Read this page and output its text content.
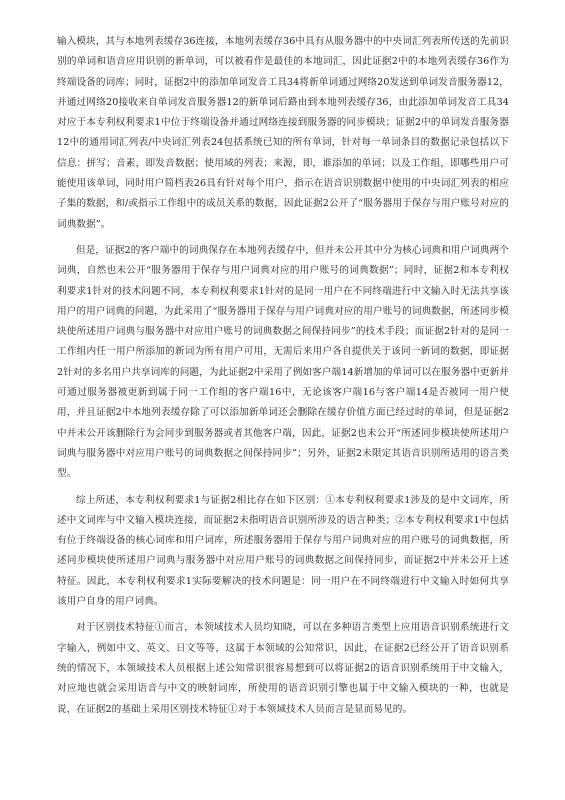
输入模块，其与本地列表缓存36连接，本地列表缓存36中具有从服务器中的中央词汇列表所传送的先前识别的单词和语音应用识别的新单词，可以被看作是最佳的本地词汇，因此证据2中的本地列表缓存36作为终端设备的词库；同时，证据2中的添加单词发音工具34将新单词通过网络20发送到单词发音服务器12，并通过网络20接收来自单词发音服务器12的新单词后路由到本地列表缓存36，由此添加单词发音工具34对应于本专利权利要求1中位于终端设备并通过网络连接到服务器的同步模块；证据2中的单词发音服务器12中的通用词汇列表/中央词汇列表24包括系统已知的所有单词，针对每一单词条目的数据记录包括以下信息：拼写；音素，即发音数据；使用域的列表；来源，即，谁添加的单词；以及工作组，即哪些用户可能使用该单词，同时用户简档表26具有针对每个用户，指示在语音识别数据中使用的中央词汇列表的相应子集的数据，和/或指示工作组中的成员关系的数据，因此证据2公开了“服务器用于保存与用户账号对应的词典数据”。

但是，证据2的客户端中的词典保存在本地列表缓存中，但并未公开其中分为核心词典和用户词典两个词典，自然也未公开“服务器用于保存与用户词典对应的用户账号的词典数据”；同时，证据2和本专利权利要求1针对的技术问题不同，本专利权利要求1针对的是同一用户在不同终端进行中文输入时无法共享该用户的用户词典的问题，为此采用了“服务器用于保存与用户词典对应的用户账号的词典数据，所述同步模块使所述用户词典与服务器中对应用户账号的词典数据之间保持同步”的技术手段；而证据2针对的是同一工作组内任一用户所添加的新词为所有用户可用，无需后来用户各自提供关于该同一新词的数据，即证据2针对的多名用户共享词库的问题，为此证据2中采用了例如客户端14新增加的单词可以在服务器中更新并可通过服务器被更新到属于同一工作组的客户端16中，无论该客户端16与客户端14是否被同一用户使用，并且证据2中本地列表缓存除了可以添加新单词还会删除在缓存价值方面已经过时的单词，但是证据2中并未公开该删除行为会同步到服务器或者其他客户端，因此，证据2也未公开“所述同步模块使所述用户词典与服务器中对应用户账号的词典数据之间保持同步”；另外，证据2未限定其语音识别所适用的语言类型。

综上所述，本专利权利要求1与证据2相比存在如下区别：①本专利权利要求1涉及的是中文词库，所述中文词库与中文输入模块连接，而证据2未指明语音识别所涉及的语言种类；②本专利权利要求1中包括有位于终端设备的核心词库和用户词库，所述服务器用于保存与用户词典对应的用户账号的词典数据，所述同步模块使所述用户词典与服务器中对应用户账号的词典数据之间保持同步，而证据2中并未公开上述特征。因此，本专利权利要求1实际要解决的技术问题是：同一用户在不同终端进行中文输入时如何共享该用户自身的用户词典。

对于区别技术特征①而言，本领域技术人员均知晓，可以在多种语言类型上应用语音识别系统进行文字输入，例如中文、英文、日文等等，这属于本领域的公知常识，因此，在证据2已经公开了语音识别系统的情况下，本领域技术人员根据上述公知常识很容易想到可以将证据2的语音识别系统用于中文输入，对应地也就会采用语音与中文的映射词库，所使用的语音识别引擎也属于中文输入模块的一种，也就是说，在证据2的基础上采用区别技术特征①对于本领域技术人员而言是显而易见的。
